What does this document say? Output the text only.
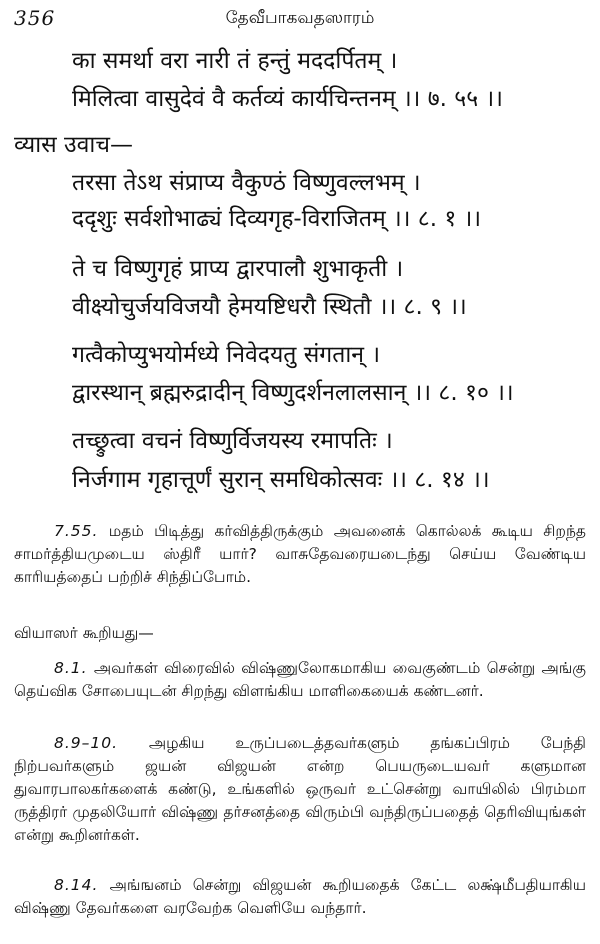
356	தேவீபாகவதஸாரம்
का समर्था वरा नारी तं हन्तुं मददर्पितम् ।
मिलित्वा वासुदेवं वै कर्तव्यं कार्यचिन्तनम् ।। ७. ५५ ।।
व्यास उवाच—
तरसा तेऽथ संप्राप्य वैकुण्ठं विष्णुवल्लभम् ।
ददृशुः सर्वशोभाढ्यं दिव्यगृह-विराजितम् ।। ८. १ ।।
ते च विष्णुगृहं प्राप्य द्वारपालौ शुभाकृती ।
वीक्ष्योचुर्जयविजयौ हेमयष्टिधरौ स्थितौ ।। ८. ९ ।।
गत्वैकोप्युभयोर्मध्ये निवेदयतु संगतान् ।
द्वारस्थान् ब्रह्मरुद्रादीन् विष्णुदर्शनलालसान् ।। ८. १० ।।
तच्छ्रुत्वा वचनं विष्णुर्विजयस्य रमापतिः ।
निर्जगाम गृहात्तूर्णं सुरान् समधिकोत्सवः ।। ८. १४ ।।
7.55. மதம் பிடித்து கர்வித்திருக்கும் அவனைக் கொல்லக் கூடிய சிறந்த சாமர்த்தியமுடைய ஸ்திரீ யார்? வாசுதேவரையடைந்து செய்ய வேண்டிய காரியத்தைப் பற்றிச் சிந்திப்போம்.
வியாஸர் கூறியது—
8.1. அவர்கள் விரைவில் விஷ்ணுலோகமாகிய வைகுண்டம் சென்று அங்கு தெய்விக சோபையுடன் சிறந்து விளங்கிய மாளிகையைக் கண்டனர்.
8.9–10. அழகிய உருப்படைத்தவர்களும் தங்கப்பிரம் பேந்தி நிற்பவர்களும் ஜயன் விஜயன் என்ற பெயருடையவர் களுமான துவாரபாலகர்களைக் கண்டு, உங்களில் ஒருவர் உட்சென்று வாயிலில் பிரம்மா ருத்திரர் முதலியோர் விஷ்ணு தர்சனத்தை விரும்பி வந்திருப்பதைத் தெரிவியுங்கள் என்று கூறினர்கள்.
8.14. அங்ஙனம் சென்று விஜயன் கூறியதைக் கேட்ட லக்ஷ்மீபதியாகிய விஷ்ணு தேவர்களை வரவேற்க வெளியே வந்தார்.
